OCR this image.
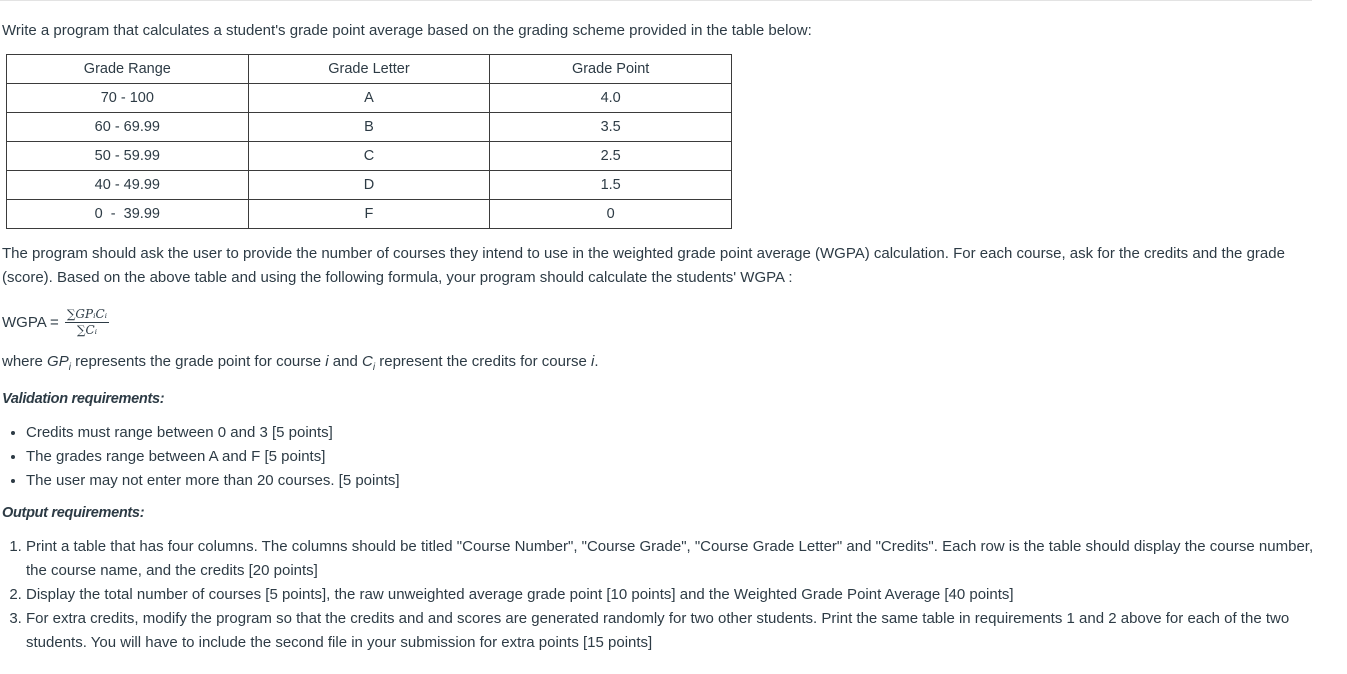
Write a program that calculates a student's grade point average based on the grading scheme provided in the table below:

Grade Range	Grade Letter	Grade Point
70 - 100	A	4.0
60 - 69.99	B	3.5
50 - 59.99	C	2.5
40 - 49.99	D	1.5
0  -  39.99	F	0

The program should ask the user to provide the number of courses they intend to use in the weighted grade point average (WGPA) calculation. For each course, ask for the credits and the grade (score). Based on the above table and using the following formula, your program should calculate the students' WGPA :

WGPA = $\frac{\text{∑GPᵢCᵢ}}{\text{∑Cᵢ}}$

where $GP_i$ represents the grade point for course i and $C_i$ represent the credits for course i.

Validation requirements:

• Credits must range between 0 and 3 [5 points]
• The grades range between A and F [5 points]
• The user may not enter more than 20 courses. [5 points]

Output requirements:

1. Print a table that has four columns. The columns should be titled "Course Number", "Course Grade", "Course Grade Letter" and "Credits". Each row is the table should display the course number, the course name, and the credits [20 points]
2. Display the total number of courses [5 points], the raw unweighted average grade point [10 points] and the Weighted Grade Point Average [40 points]
3. For extra credits, modify the program so that the credits and and scores are generated randomly for two other students. Print the same table in requirements 1 and 2 above for each of the two students. You will have to include the second file in your submission for extra points [15 points]
